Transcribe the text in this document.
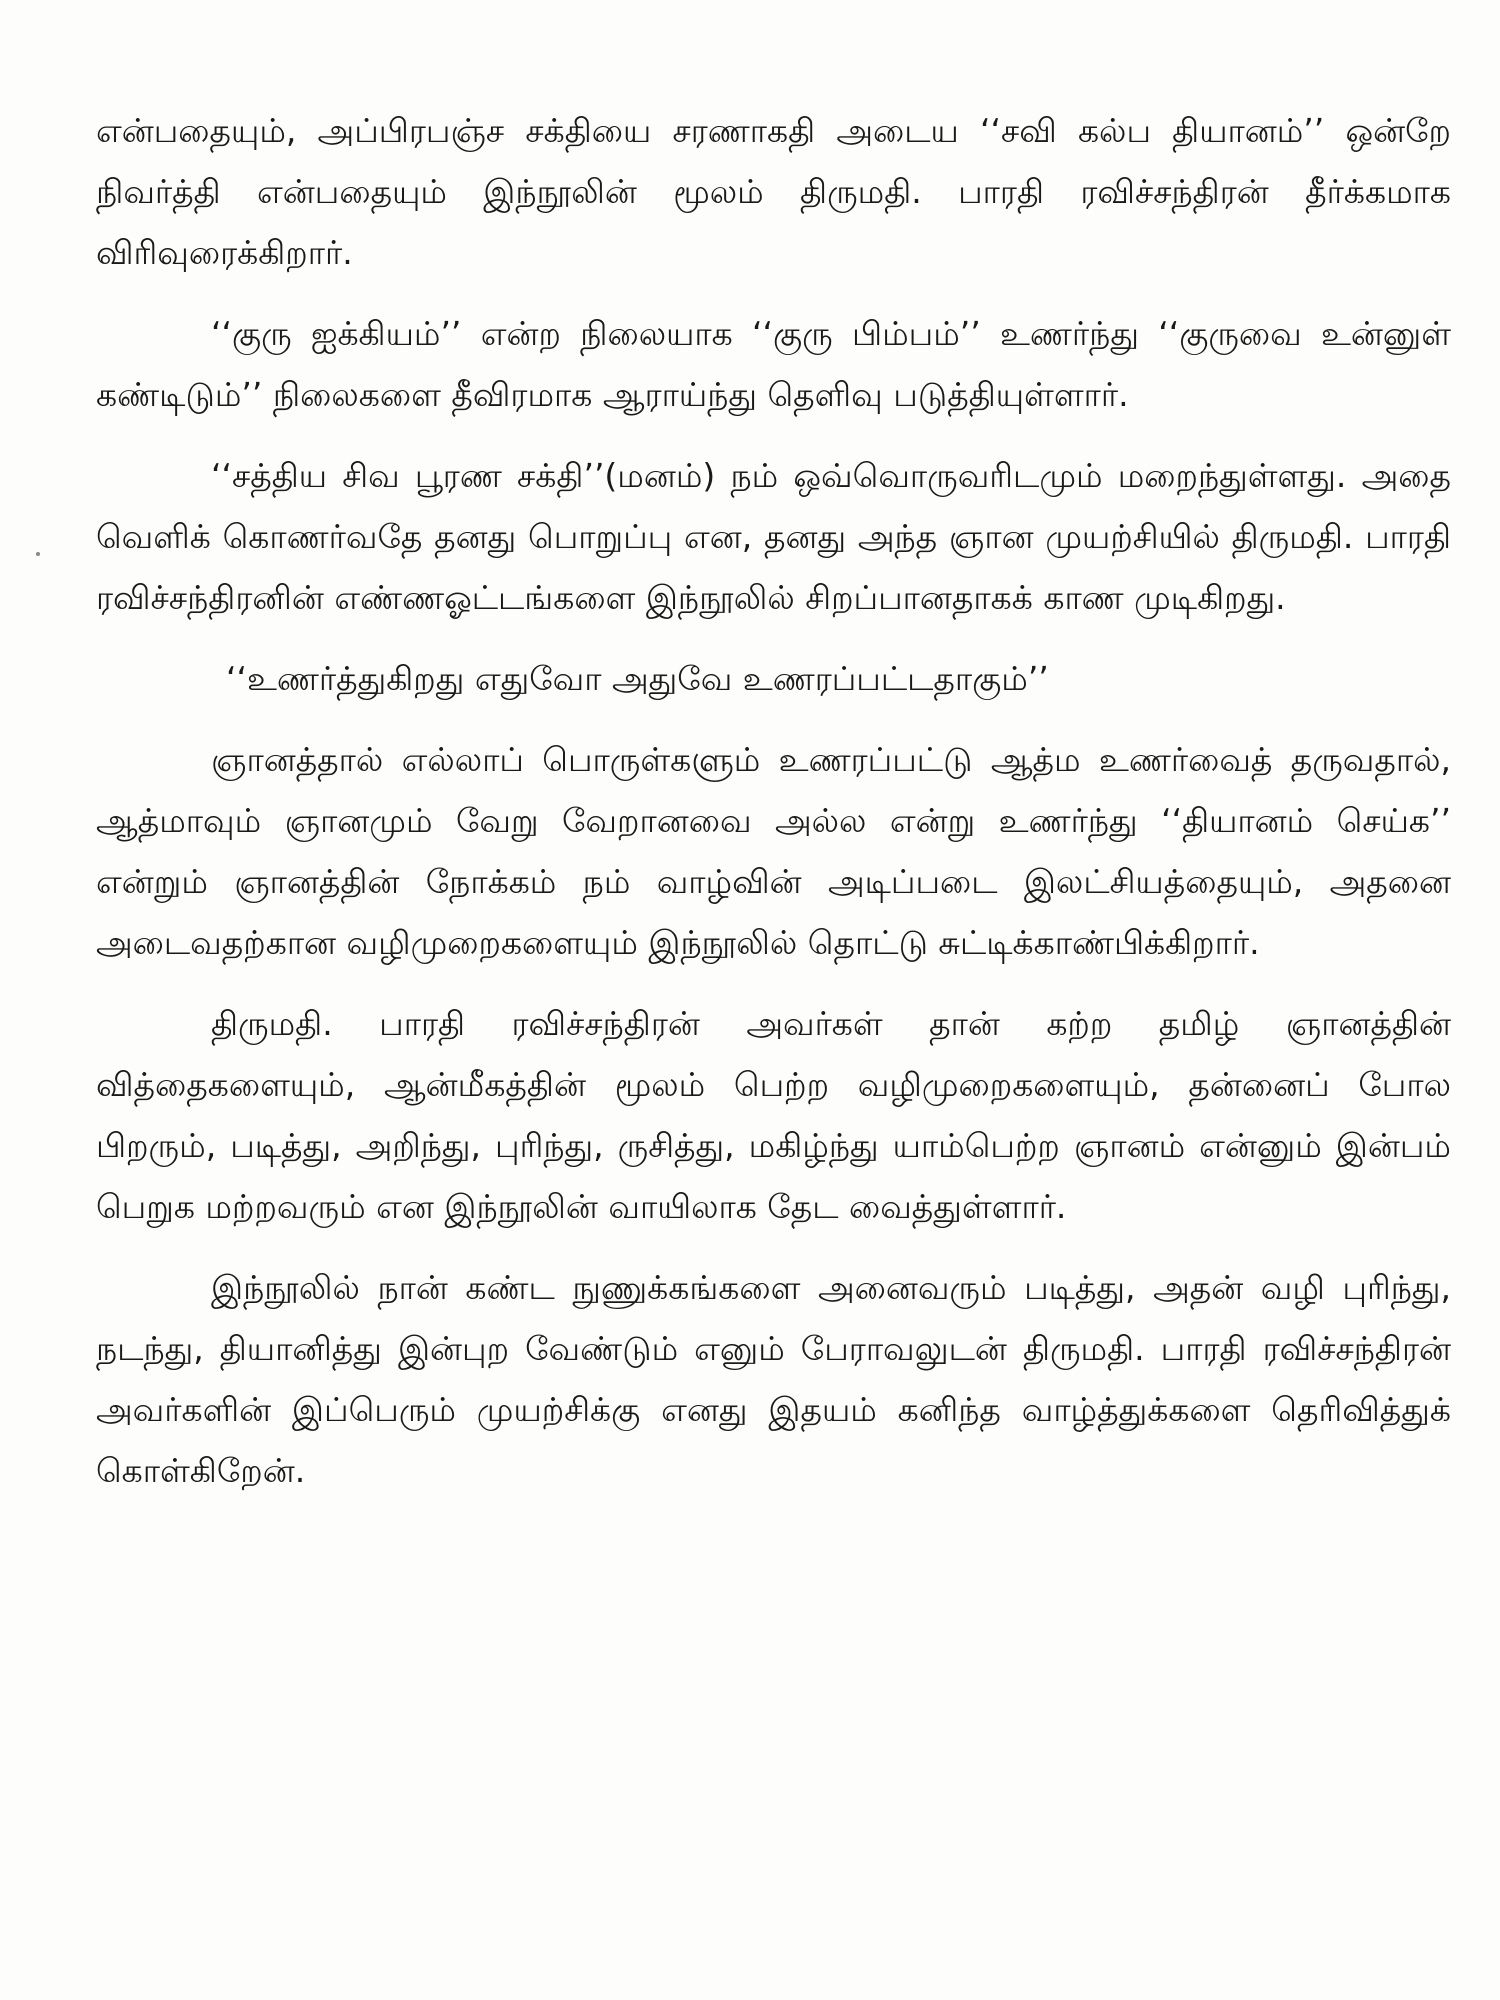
என்பதையும், அப்பிரபஞ்ச சக்தியை சரணாகதி அடைய ‘‘சவி கல்ப தியானம்’’ ஒன்றே நிவர்த்தி என்பதையும் இந்நூலின் மூலம் திருமதி. பாரதி ரவிச்சந்திரன் தீர்க்கமாக விரிவுரைக்கிறார்.

‘‘குரு ஐக்கியம்’’ என்ற நிலையாக ‘‘குரு பிம்பம்’’ உணர்ந்து ‘‘குருவை உன்னுள் கண்டிடும்’’ நிலைகளை தீவிரமாக ஆராய்ந்து தெளிவு படுத்தியுள்ளார்.

‘‘சத்திய சிவ பூரண சக்தி’’(மனம்) நம் ஒவ்வொருவரிடமும் மறைந்துள்ளது. அதை வெளிக் கொணர்வதே தனது பொறுப்பு என, தனது அந்த ஞான முயற்சியில் திருமதி. பாரதி ரவிச்சந்திரனின் எண்ணஓட்டங்களை இந்நூலில் சிறப்பானதாகக் காண முடிகிறது.

‘‘உணர்த்துகிறது எதுவோ அதுவே உணரப்பட்டதாகும்’’

ஞானத்தால் எல்லாப் பொருள்களும் உணரப்பட்டு ஆத்ம உணர்வைத் தருவதால், ஆத்மாவும் ஞானமும் வேறு வேறானவை அல்ல என்று உணர்ந்து ‘‘தியானம் செய்க’’ என்றும் ஞானத்தின் நோக்கம் நம் வாழ்வின் அடிப்படை இலட்சியத்தையும், அதனை அடைவதற்கான வழிமுறைகளையும் இந்நூலில் தொட்டு சுட்டிக்காண்பிக்கிறார்.

திருமதி. பாரதி ரவிச்சந்திரன் அவர்கள் தான் கற்ற தமிழ் ஞானத்தின் வித்தைகளையும், ஆன்மீகத்தின் மூலம் பெற்ற வழிமுறைகளையும், தன்னைப் போல பிறரும், படித்து, அறிந்து, புரிந்து, ருசித்து, மகிழ்ந்து யாம்பெற்ற ஞானம் என்னும் இன்பம் பெறுக மற்றவரும் என இந்நூலின் வாயிலாக தேட வைத்துள்ளார்.

இந்நூலில் நான் கண்ட நுணுக்கங்களை அனைவரும் படித்து, அதன் வழி புரிந்து, நடந்து, தியானித்து இன்புற வேண்டும் எனும் பேராவலுடன் திருமதி. பாரதி ரவிச்சந்திரன் அவர்களின் இப்பெரும் முயற்சிக்கு எனது இதயம் கனிந்த வாழ்த்துக்களை தெரிவித்துக் கொள்கிறேன்.
